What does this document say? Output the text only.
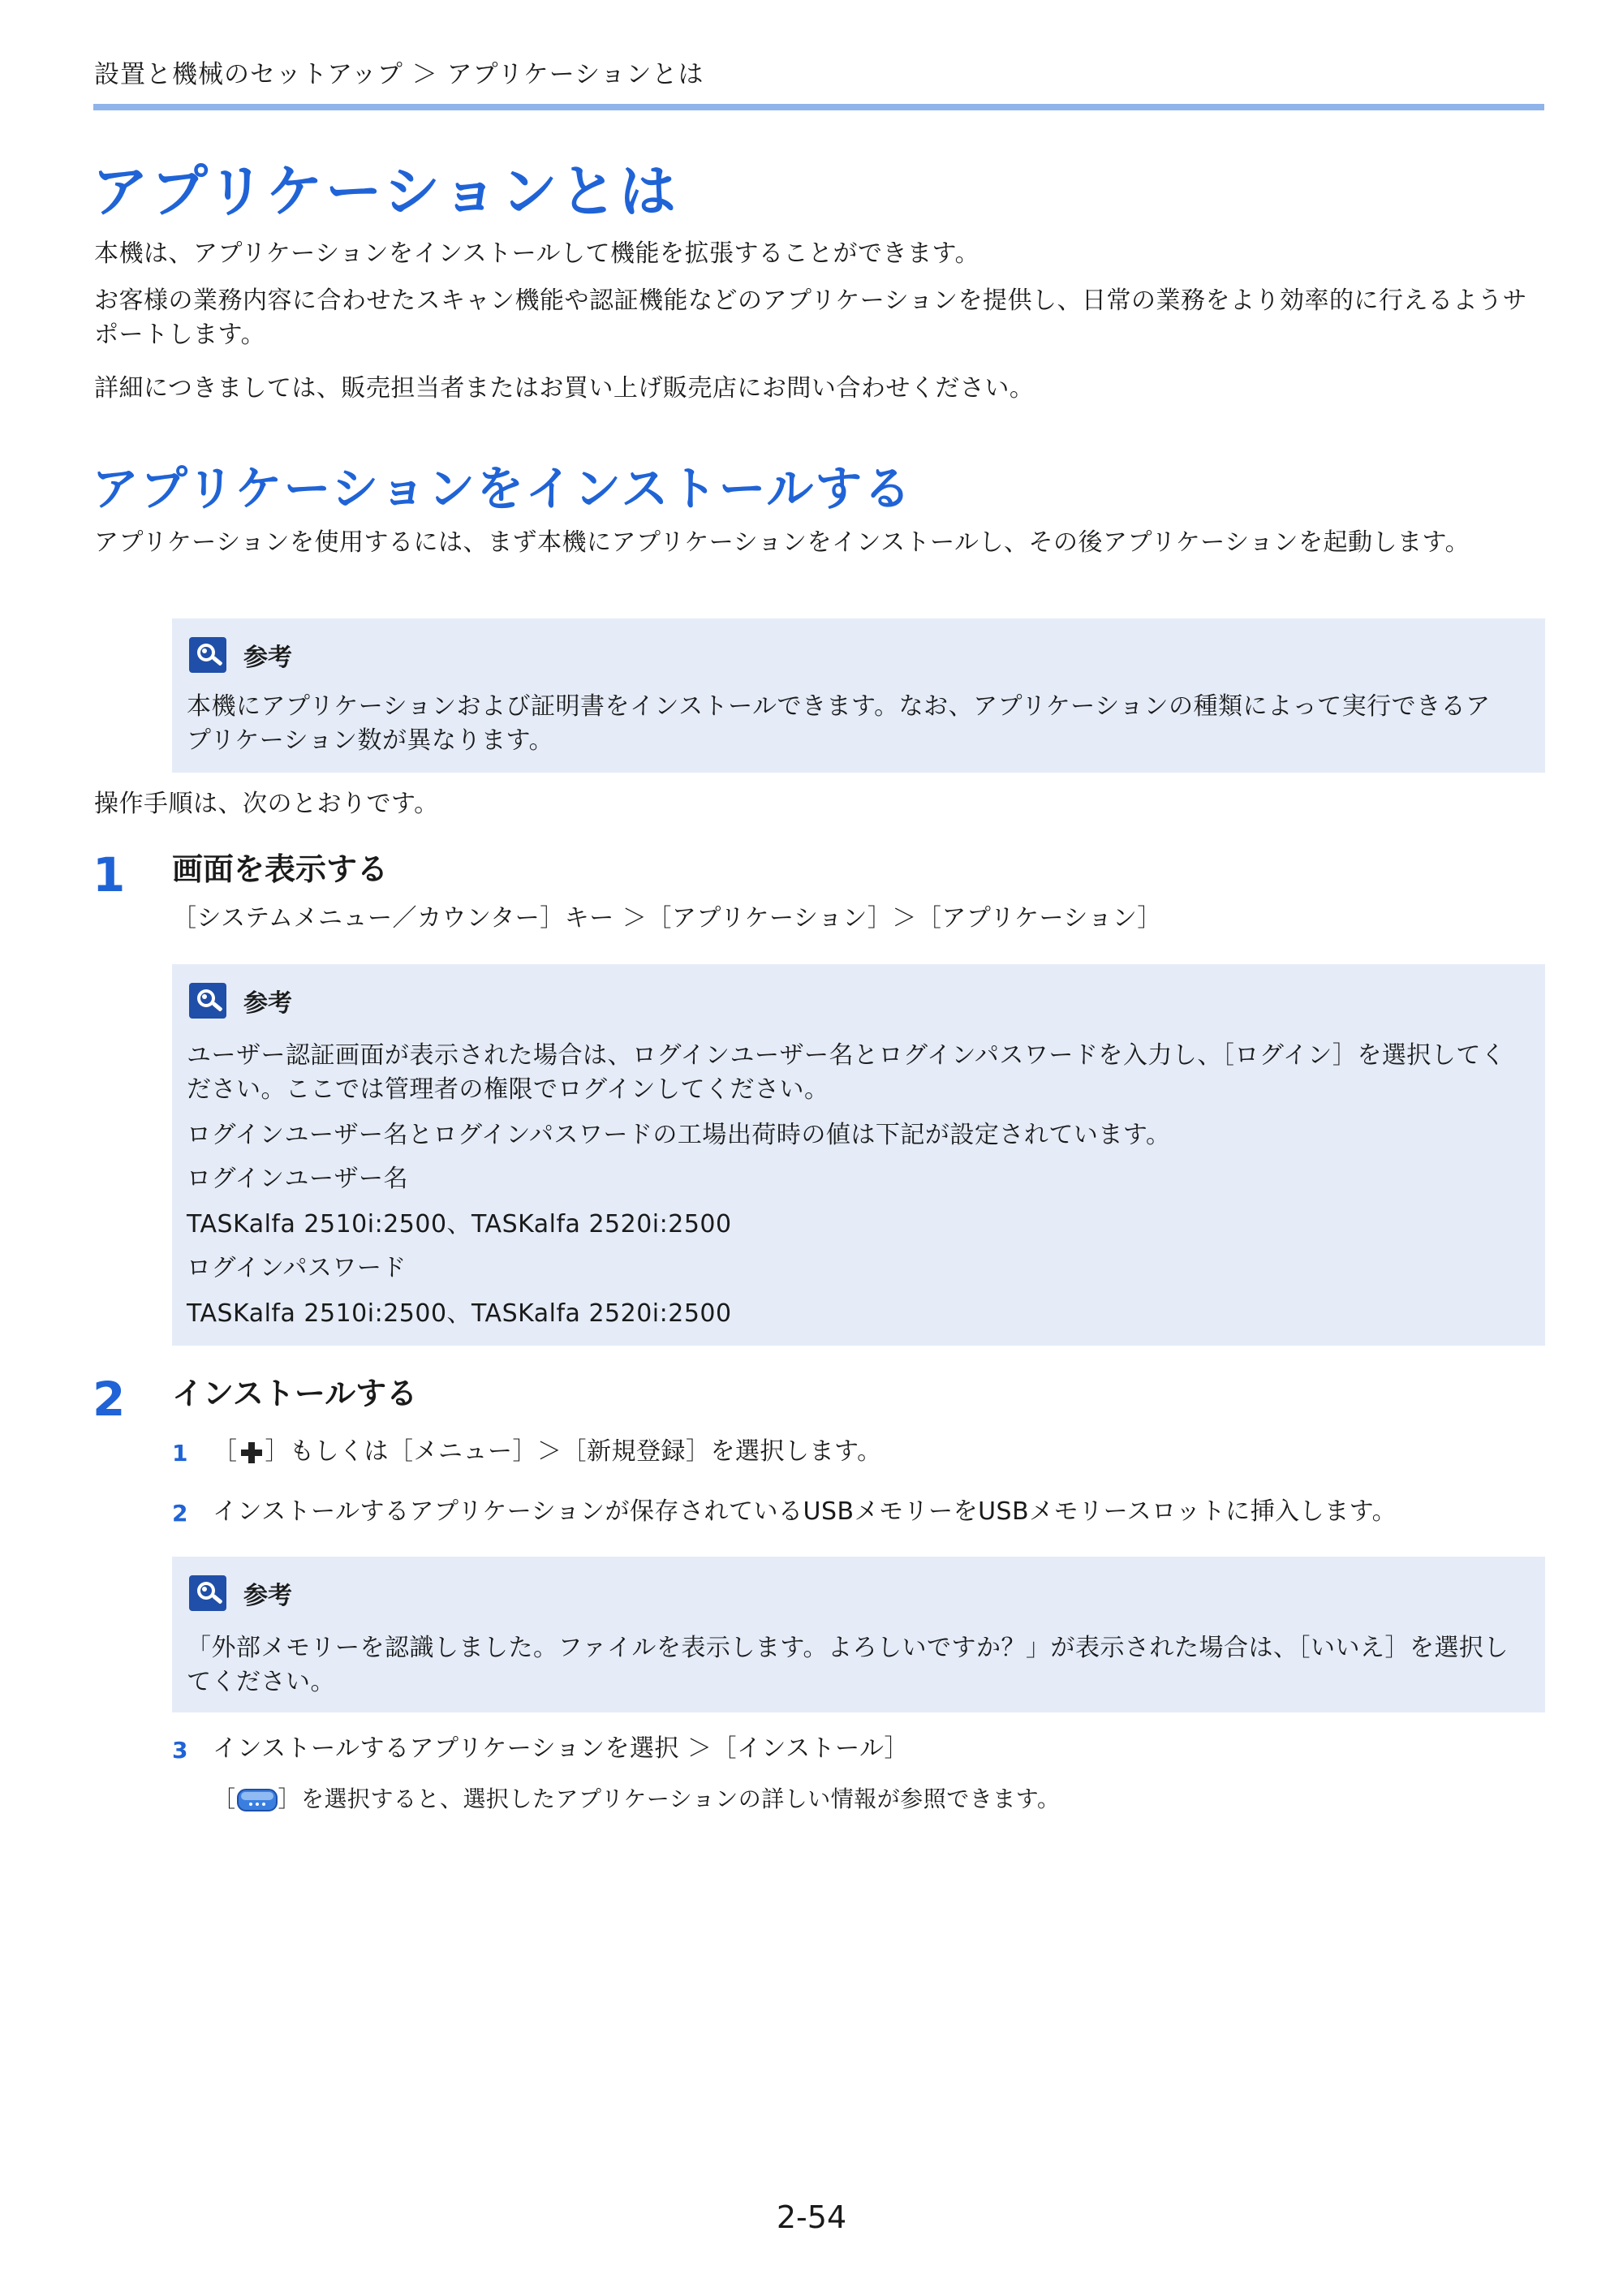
設置と機械のセットアップ ＞ アプリケーションとは
アプリケーションとは
本機は、アプリケーションをインストールして機能を拡張することができます。
お客様の業務内容に合わせたスキャン機能や認証機能などのアプリケーションを提供し、日常の業務をより効率的に行えるようサポートします。
詳細につきましては、販売担当者またはお買い上げ販売店にお問い合わせください。
アプリケーションをインストールする
アプリケーションを使用するには、まず本機にアプリケーションをインストールし、その後アプリケーションを起動します。
参考
本機にアプリケーションおよび証明書をインストールできます。なお、アプリケーションの種類によって実行できるアプリケーション数が異なります。
操作手順は、次のとおりです。
1 画面を表示する
［システムメニュー／カウンター］キー ＞［アプリケーション］＞［アプリケーション］
参考
ユーザー認証画面が表示された場合は、ログインユーザー名とログインパスワードを入力し、［ログイン］を選択してください。ここでは管理者の権限でログインしてください。
ログインユーザー名とログインパスワードの工場出荷時の値は下記が設定されています。
ログインユーザー名
TASKalfa 2510i:2500、TASKalfa 2520i:2500
ログインパスワード
TASKalfa 2510i:2500、TASKalfa 2520i:2500
2 インストールする
1 ［ ］もしくは［メニュー］＞［新規登録］を選択します。
2 インストールするアプリケーションが保存されているUSBメモリーをUSBメモリースロットに挿入します。
参考
「外部メモリーを認識しました。ファイルを表示します。よろしいですか？」が表示された場合は、［いいえ］を選択してください。
3 インストールするアプリケーションを選択 ＞［インストール］
［ ］を選択すると、選択したアプリケーションの詳しい情報が参照できます。
2-54
